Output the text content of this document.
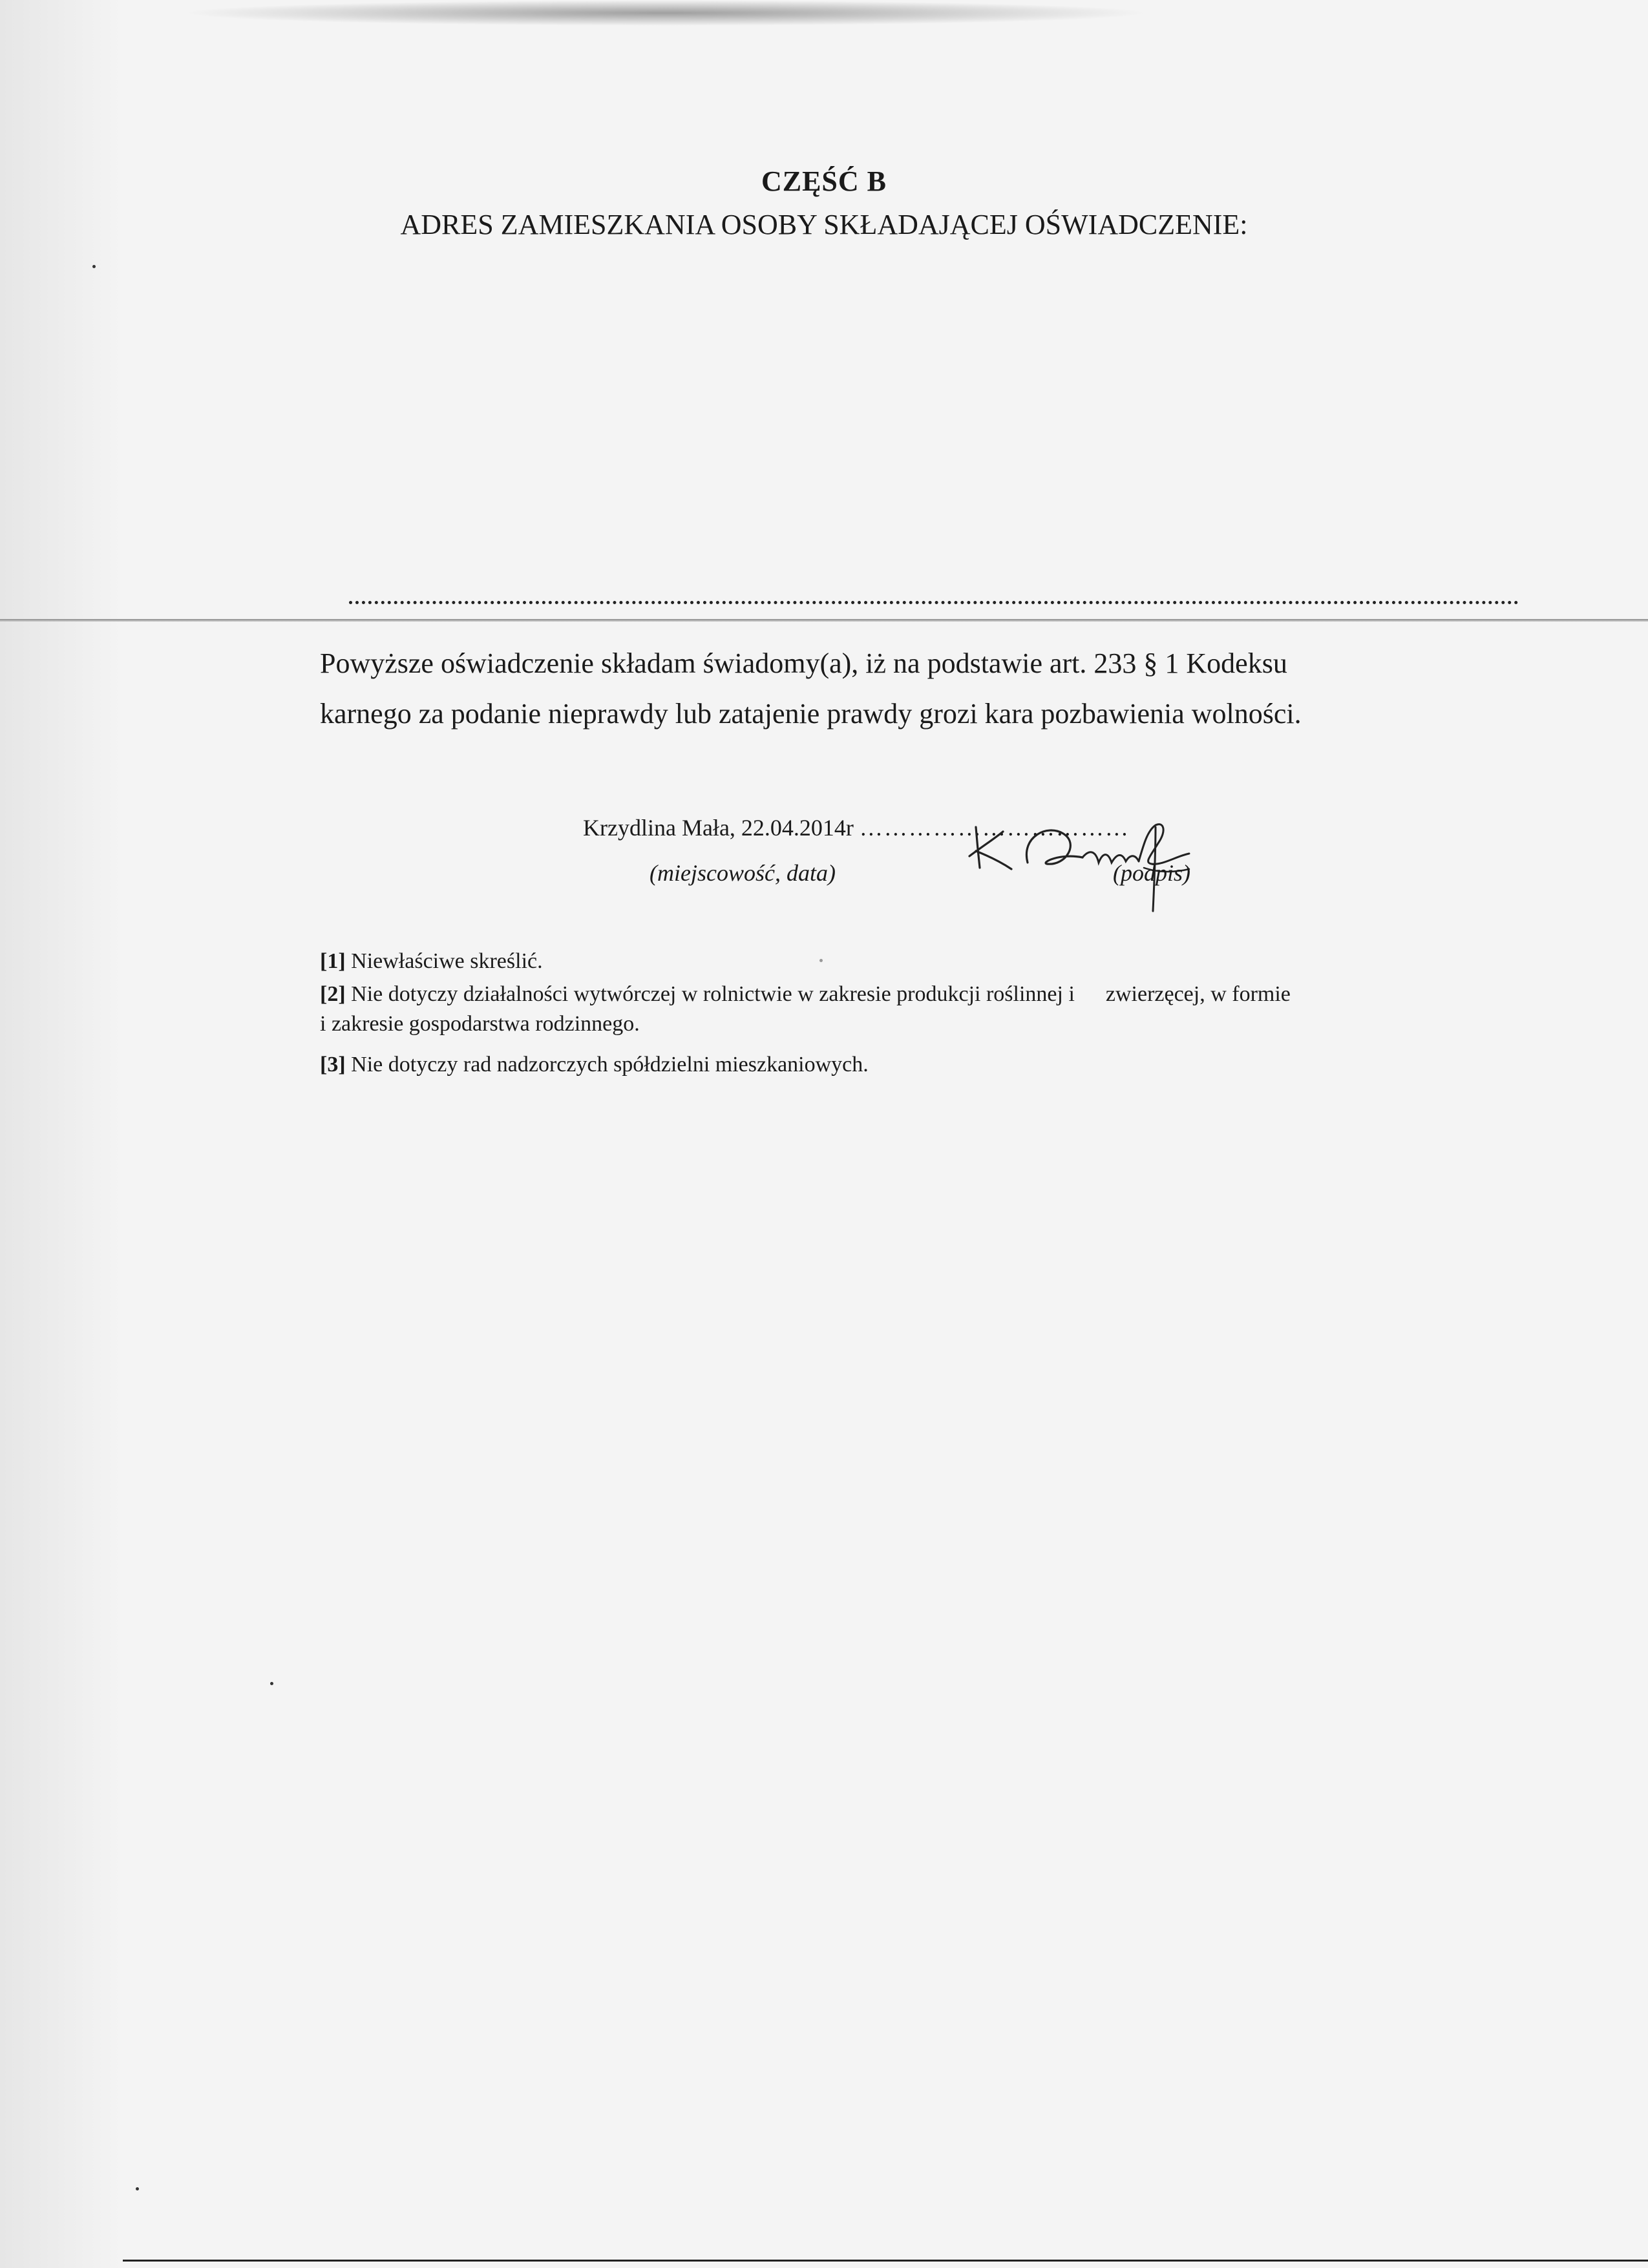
CZĘŚĆ B
ADRES ZAMIESZKANIA OSOBY SKŁADAJĄCEJ OŚWIADCZENIE:
Powyższe oświadczenie składam świadomy(a), iż na podstawie art. 233 § 1 Kodeksu
karnego za podanie nieprawdy lub zatajenie prawdy grozi kara pozbawienia wolności.
Krzydlina Mała, 22.04.2014r ……………………………
(miejscowość, data)	(podpis)
[1] Niewłaściwe skreślić.
[2] Nie dotyczy działalności wytwórczej w rolnictwie w zakresie produkcji roślinnej i zwierzęcej, w formie
i zakresie gospodarstwa rodzinnego.
[3] Nie dotyczy rad nadzorczych spółdzielni mieszkaniowych.
